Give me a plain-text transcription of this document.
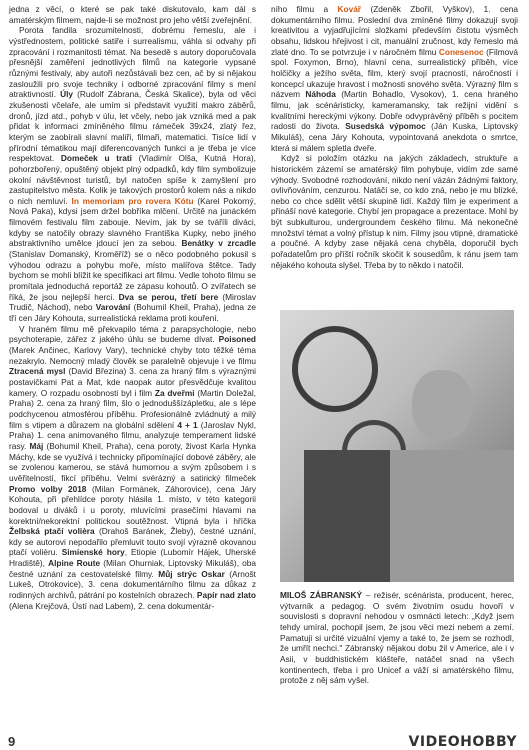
jedna z věcí, o které se pak také diskutovalo, kam dál s amatérským filmem, najde-li se možnost pro jeho větší zveřejnění.

Porota fandila srozumitelnosti, dobrému řemeslu, ale i výstřednostem, politické satiře i surrealismu, váhla si odvahy při zpracování i rozmanitosti témat. Na besedě s autory doporučovala přesnější zaměření jednotlivých filmů na kategorie vypsané různými festivaly, aby autoři nezůstávali bez cen, ač by si nějakou zasloužili pro svoje techniky i odborné zpracování filmy s mení atraktivností. Úly (Rudolf Zábrana, Česká Skalice), byla od věci zkušenosti včelaře, ale umím si představit využití makro záběrů, dronů, jízd atd., pohyb v úlu, let včely, nebo jak vzniká med a pak přidat k informaci zmíněného filmu rámeček 39x24, zlatý řez, kterým se zaobírali slavní malíři, filmaři, matematici. Tisíce lidí v přírodní tématikou mají diferencovaných funkci a je třeba je více respektovat. Domeček u trati (Vladimír Olša, Kutná Hora), pohorzbořený, opuštěný objekt plný odpadků, kdy film symbolizuje okolní návštěvnost turistů, byl natočen spíše k zamyšlení pro zastupitelstvo města. Kolik je takových prostorů kolem nás a nikdo o nich nemluví. In memoriam pro rovera Kótu (Karel Pokorný, Nová Paka), kdysi jsem držel bobříka mlčení. Určitě na junáckém filmovém festivalu film zabouje. Nevím, jak by se tváříli diváci, kdyby se natočily obrazy slavného Františka Kupky, nebo jiného abstraktivního umělce jdoucí jen za sebou. Benátky v zrcadle (Stanislav Domanský, Kroměříž) se o něco podobného pokusil s výhodou odrazu a pohybu moře, místo malířova štětce. Tady bychom se mohli blížit ke specifikaci art filmu. Vedle tohoto filmu se promítala jednoduchá reportáž ze zápasu kohoutů. O zvířatech se říká, že jsou nejlepší herci. Dva se perou, třetí bere (Miroslav Trudič, Náchod), nebo Varování (Bohumil Kheil, Praha), jedna ze tří cen Járy Kohouta, surrealistická reklama proti kouření.

V hraném filmu mě překvapilo téma z parapsychologie, nebo psychoterapie, zářez z jakého úhlu se budeme dívat. Poisoned (Marek Ančinec, Karlovy Vary), technické chyby toto těžké téma nezakrylo. Nemocný mladý člověk se paralelně objevuje i ve filmu Ztracená mysl (David Březina) 3. cena za hraný film s výraznými postavičkami Pat a Mat, kde naopak autor přesvědčuje kvalitou kamery. O rozpadu osobnosti byl i film Za dveřmi (Martin Doležal, Praha) 2. cena za hraný film, šlo o jednoduššízápletku, ale s lépe podchycenou atmosférou příběhu. Profesionálně zvládnutý a milý film s vtipem a důrazem na globální sdělení 4 + 1 (Jaroslav Nykl, Praha) 1. cena animovaného filmu, analyzuje temperament lidské rasy. Máj (Bohumil Kheil, Praha), cena poroty, živost Karla Hynka Máchy, kde se využívá i technicky připomínající dobové záběry, ale se zvolenou kamerou, se stává humornou a svým způsobem i s uvěřitelností, fikcí příběhu. Velmi svérázný a satirický filmeček Promo volby 2018 (Milan Formánek, Záhorovice), cena Járy Kohouta, při přehlídce poroty hlásila 1. místo, v této kategorii bodoval u diváků i u poroty, mluvícími prasečími hlavami na korektní/nekorektní politickou soutěžnost. Vtipná byla i hříčka Želbská ptačí volièra (Drahoš Baránek, Žleby), čestné uznání, kdy se autorovi nepodařilo přemluvit touto svojí výrazně okovanou ptačí volièru. Simienské hory, Etiopie (Lubomír Hájek, Uherské Hradiště), Alpine Route (Milan Ohurniak, Liptovský Mikuláš), oba čestné uznání za cestovatelské filmy. Můj strýc Oskar (Arnošt Lukeš, Otrokovice), 3. cena dokumentárního filmu za důkaz z rodinných archivů, pátrání po kostelních obrazech. Papír nad zlato (Alena Krejčová, Ústí nad Labem), 2. cena dokumentár-

ního filmu a Kovář (Zdeněk Zbořil, Vyškov), 1. cena dokumentárního filmu. Poslední dva zmíněné filmy dokazují svoji kreativitou a vyjadřujícími složkami především čistotu výsměch obsahu, lidskou hřejivost i cit, manuální zručnost, kdy řemeslo má zlaté dno. To se potvrzuje i v náročném filmu Conesenoc (Filmová spol. Foxymon, Brno), hlavní cena, surrealistický příběh, více holčičky a ježího světa, film, který svojí pracností, náročností i koncepcí ukazuje hravost i možnosti snového světa. Výrazný film s názvem Náhoda (Martin Bohadlo, Vysokov), 1. cena hraného filmu, jak scénáristicky, kameramansky, tak režijní vidění s kvalitními hereckými výkony. Dobře odvyprávěný příběh s pocitem radosti do života. Susedská výpomoc (Ján Kuska, Liptovský Mikuláš), cena Járy Kohouta, vypointovaná anekdota o smrtce, která si málem spletla dveře.

Když si položím otázku na jakých základech, struktuře a historickém zázemí se amatérský film pohybuje, vidím zde samé výhody. Svobodné rozhodování, nikdo není vázán žádnými faktory, ovlivňováním, cenzurou. Natáčí se, co kdo zná, nebo je mu blízké, nebo co chce sdělit větší skupině lidí. Každý film je experiment a přináší nové kategorie. Chybí jen propagace a prezentace. Mohl by být subkulturou, undergroundem českého filmu. Má nekonečné množství témat a volný přístup k nim. Filmy jsou vtipné, dramatické a poučné. A kdyby zase nějaká cena chyběla, doporučil bych pořadatelům pro příští ročník skočit k sousedům, k ránu jsem tam nějakého kohouta slyšel. Třeba by to někdo i natočil.

MILOŠ ZÁBRANSKÝ – režisér, scénárista, producent, herec, výtvarník a pedagog. O svém životním osudu hovoří v souvislosti s dopravní nehodou v osmnácti letech: „Když jsem tehdy umíral, pochopil jsem, že jsou věci mezi nebem a zemí. Pamatuji si určité vizuální vjemy a také to, že jsem se rozhodl, že umřít nechci." Zábranský nějakou dobu žil v Americe, ale i v Asii, v buddhistickém klášteře, natáčel snad na všech kontinentech, třeba i pro Unicef a váží si amatérského filmu, protože z něj sám vyšel.

9	VIDEOHOBBY
